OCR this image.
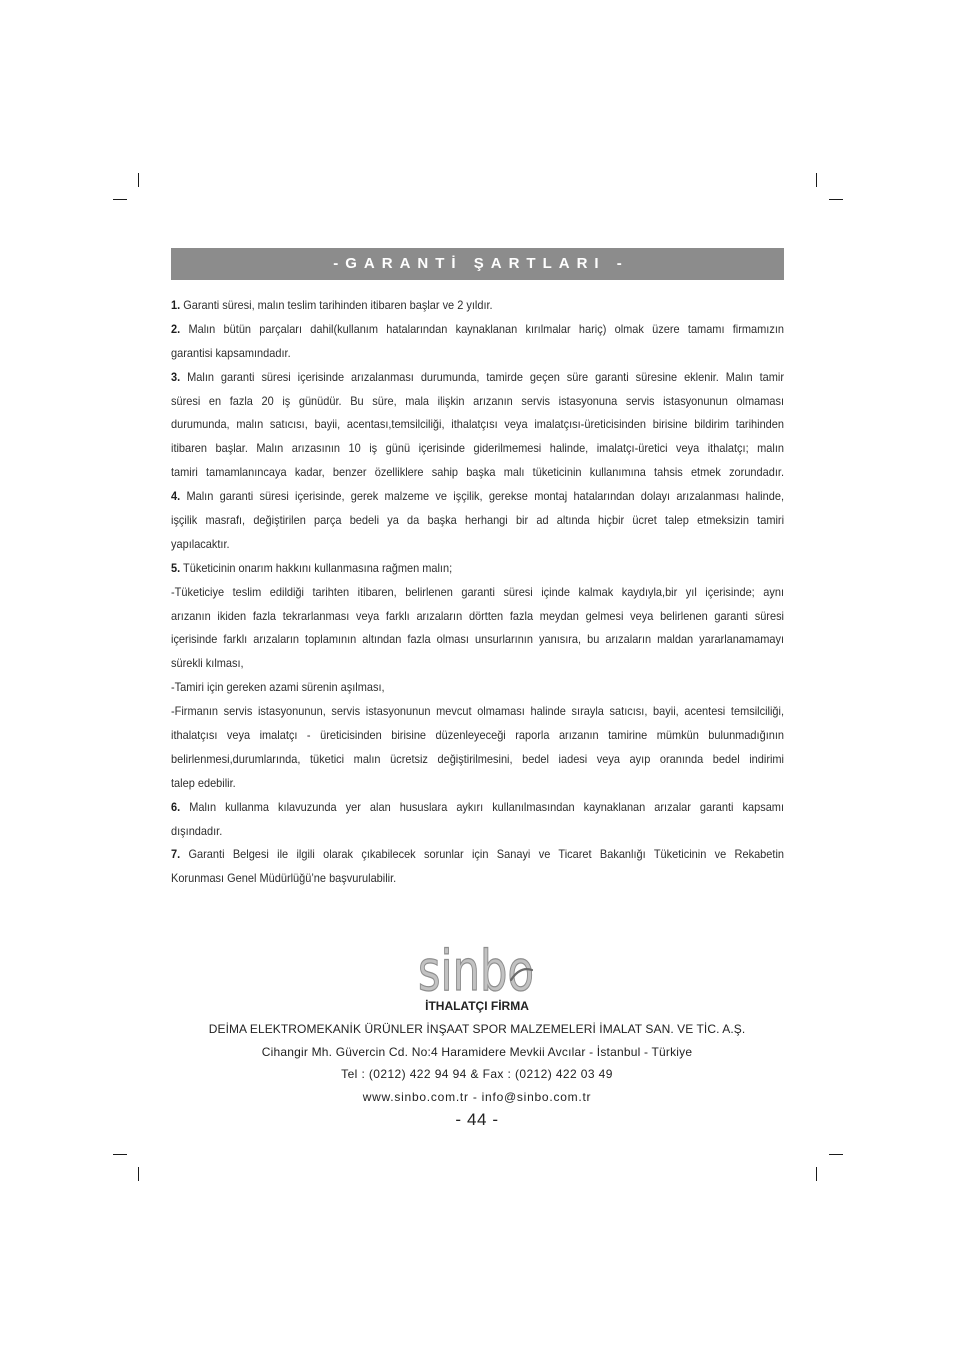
-GARANTİ ŞARTLARI -
1. Garanti süresi, malın teslim tarihinden itibaren başlar ve 2 yıldır.
2. Malın bütün parçaları dahil(kullanım hatalarından kaynaklanan kırılmalar hariç) olmak üzere tamamı firmamızın
garantisi kapsamındadır.
3. Malın garanti süresi içerisinde arızalanması durumunda, tamirde geçen süre garanti süresine eklenir. Malın tamir
süresi en fazla 20 iş günüdür. Bu süre, mala ilişkin arızanın servis istasyonuna servis istasyonunun olmaması
durumunda, malın satıcısı, bayii, acentası,temsilciliği, ithalatçısı veya imalatçısı-üreticisinden birisine bildirim tarihinden
itibaren başlar. Malın arızasının 10 iş günü içerisinde giderilmemesi halinde, imalatçı-üretici veya ithalatçı; malın
tamiri tamamlanıncaya kadar, benzer özelliklere sahip başka malı tüketicinin kullanımına tahsis etmek zorundadır.
4. Malın garanti süresi içerisinde, gerek malzeme ve işçilik, gerekse montaj hatalarından dolayı arızalanması halinde,
işçilik masrafı, değiştirilen parça bedeli ya da başka herhangi bir ad altında hiçbir ücret talep etmeksizin tamiri
yapılacaktır.
5. Tüketicinin onarım hakkını kullanmasına rağmen malın;
-Tüketiciye teslim edildiği tarihten itibaren, belirlenen garanti süresi içinde kalmak kaydıyla,bir yıl içerisinde; aynı
arızanın ikiden fazla tekrarlanması veya farklı arızaların dörtten fazla meydan gelmesi veya belirlenen garanti süresi
içerisinde farklı arızaların toplamının altından fazla olması unsurlarının yanısıra, bu arızaların maldan yararlanamamayı
sürekli kılması,
-Tamiri için gereken azami sürenin aşılması,
-Firmanın servis istasyonunun, servis istasyonunun mevcut olmaması halinde sırayla satıcısı, bayii, acentesi temsilciliği,
ithalatçısı veya imalatçı - üreticisinden birisine düzenleyeceği raporla arızanın tamirine mümkün bulunmadığının
belirlenmesi,durumlarında, tüketici malın ücretsiz değiştirilmesini, bedel iadesi veya ayıp oranında bedel indirimi
talep edebilir.
6. Malın kullanma kılavuzunda yer alan hususlara aykırı kullanılmasından kaynaklanan arızalar garanti kapsamı
dışındadır.
7. Garanti Belgesi ile ilgili olarak çıkabilecek sorunlar için Sanayi ve Ticaret Bakanlığı Tüketicinin ve Rekabetin
Korunması Genel Müdürlüğü’ne başvurulabilir.
sinbo
İTHALATÇI FİRMA
DEİMA ELEKTROMEKANİK ÜRÜNLER İNŞAAT SPOR MALZEMELERİ İMALAT SAN. VE TİC. A.Ş.
Cihangir Mh. Güvercin Cd. No:4 Haramidere Mevkii Avcılar - İstanbul - Türkiye
Tel : (0212) 422 94 94 & Fax : (0212) 422 03 49
www.sinbo.com.tr - info@sinbo.com.tr
- 44 -
